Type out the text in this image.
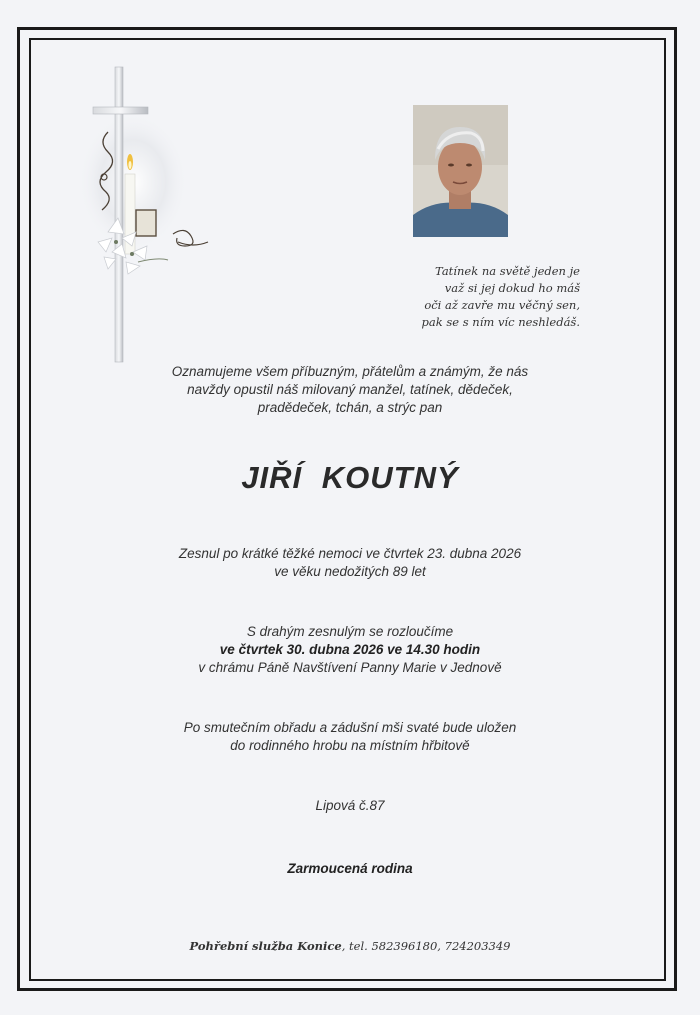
Tatínek na světě jeden je
važ si jej dokud ho máš
oči až zavře mu věčný sen,
pak se s ním víc neshledáš.
Oznamujeme všem příbuzným, přátelům a známým, že nás
navždy opustil náš milovaný manžel, tatínek, dědeček,
pradědeček, tchán, a strýc pan
JIŘÍ KOUTNÝ
Zesnul po krátké těžké nemoci ve čtvrtek 23. dubna 2026
ve věku nedožitých 89 let
S drahým zesnulým se rozloučíme
ve čtvrtek 30. dubna 2026 ve 14.30 hodin
v chrámu Páně Navštívení Panny Marie v Jednově
Po smutečním obřadu a zádušní mši svaté bude uložen
do rodinného hrobu na místním hřbitově
Lipová č.87
Zarmoucená rodina
Pohřební služba Konice, tel. 582396180, 724203349
